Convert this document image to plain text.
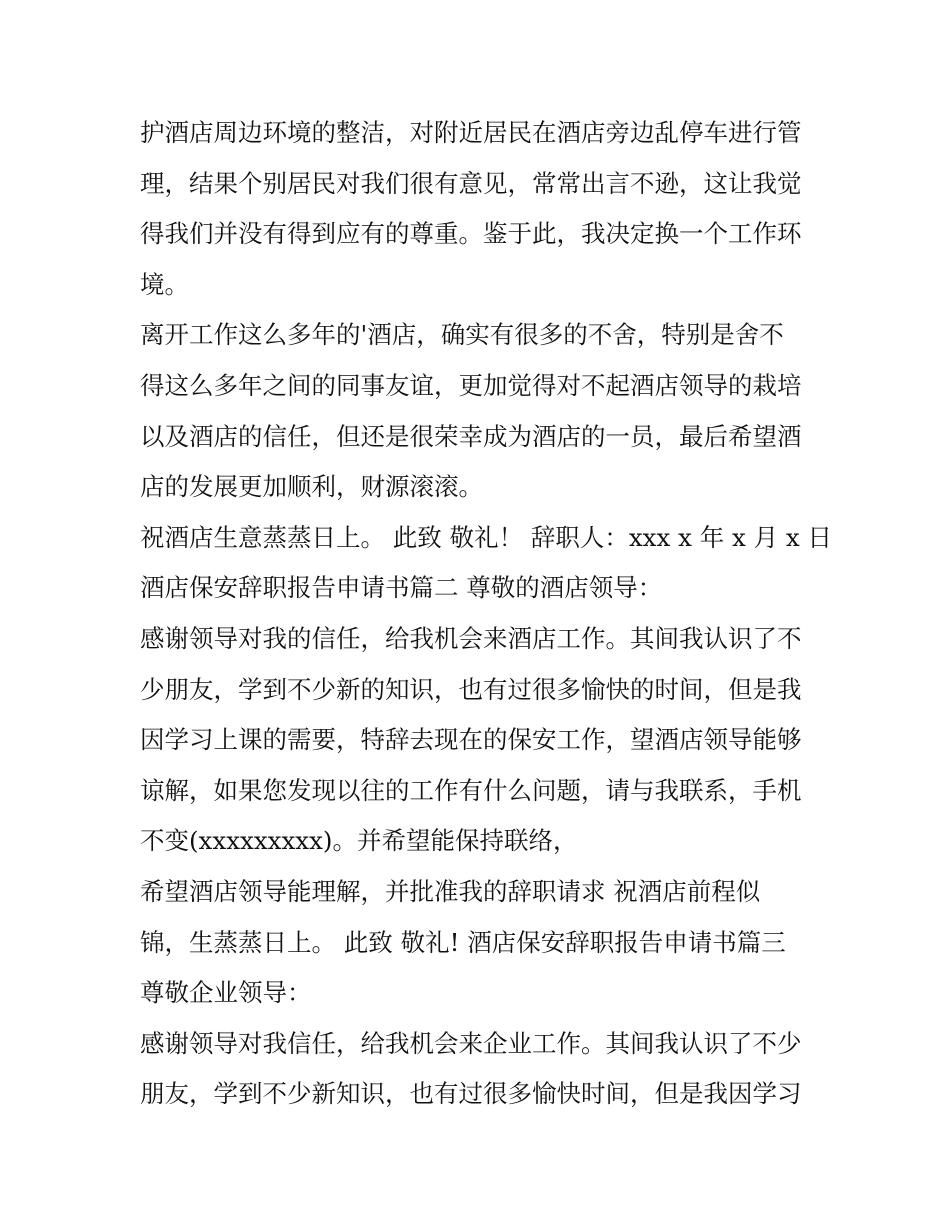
护酒店周边环境的整洁，对附近居民在酒店旁边乱停车进行管
理，结果个别居民对我们很有意见，常常出言不逊，这让我觉
得我们并没有得到应有的尊重。鉴于此，我决定换一个工作环
境。
离开工作这么多年的'酒店，确实有很多的不舍，特别是舍不
得这么多年之间的同事友谊，更加觉得对不起酒店领导的栽培
以及酒店的信任，但还是很荣幸成为酒店的一员，最后希望酒
店的发展更加顺利，财源滚滚。
祝酒店生意蒸蒸日上。 此致 敬礼！ 辞职人：xxx x 年 x 月 x 日
酒店保安辞职报告申请书篇二 尊敬的酒店领导：
感谢领导对我的信任，给我机会来酒店工作。其间我认识了不
少朋友，学到不少新的知识，也有过很多愉快的时间，但是我
因学习上课的需要，特辞去现在的保安工作，望酒店领导能够
谅解，如果您发现以往的工作有什么问题，请与我联系，手机
不变(xxxxxxxxx)。并希望能保持联络，
希望酒店领导能理解，并批准我的辞职请求 祝酒店前程似
锦，生蒸蒸日上。 此致 敬礼! 酒店保安辞职报告申请书篇三
尊敬企业领导：
感谢领导对我信任，给我机会来企业工作。其间我认识了不少
朋友，学到不少新知识，也有过很多愉快时间，但是我因学习
